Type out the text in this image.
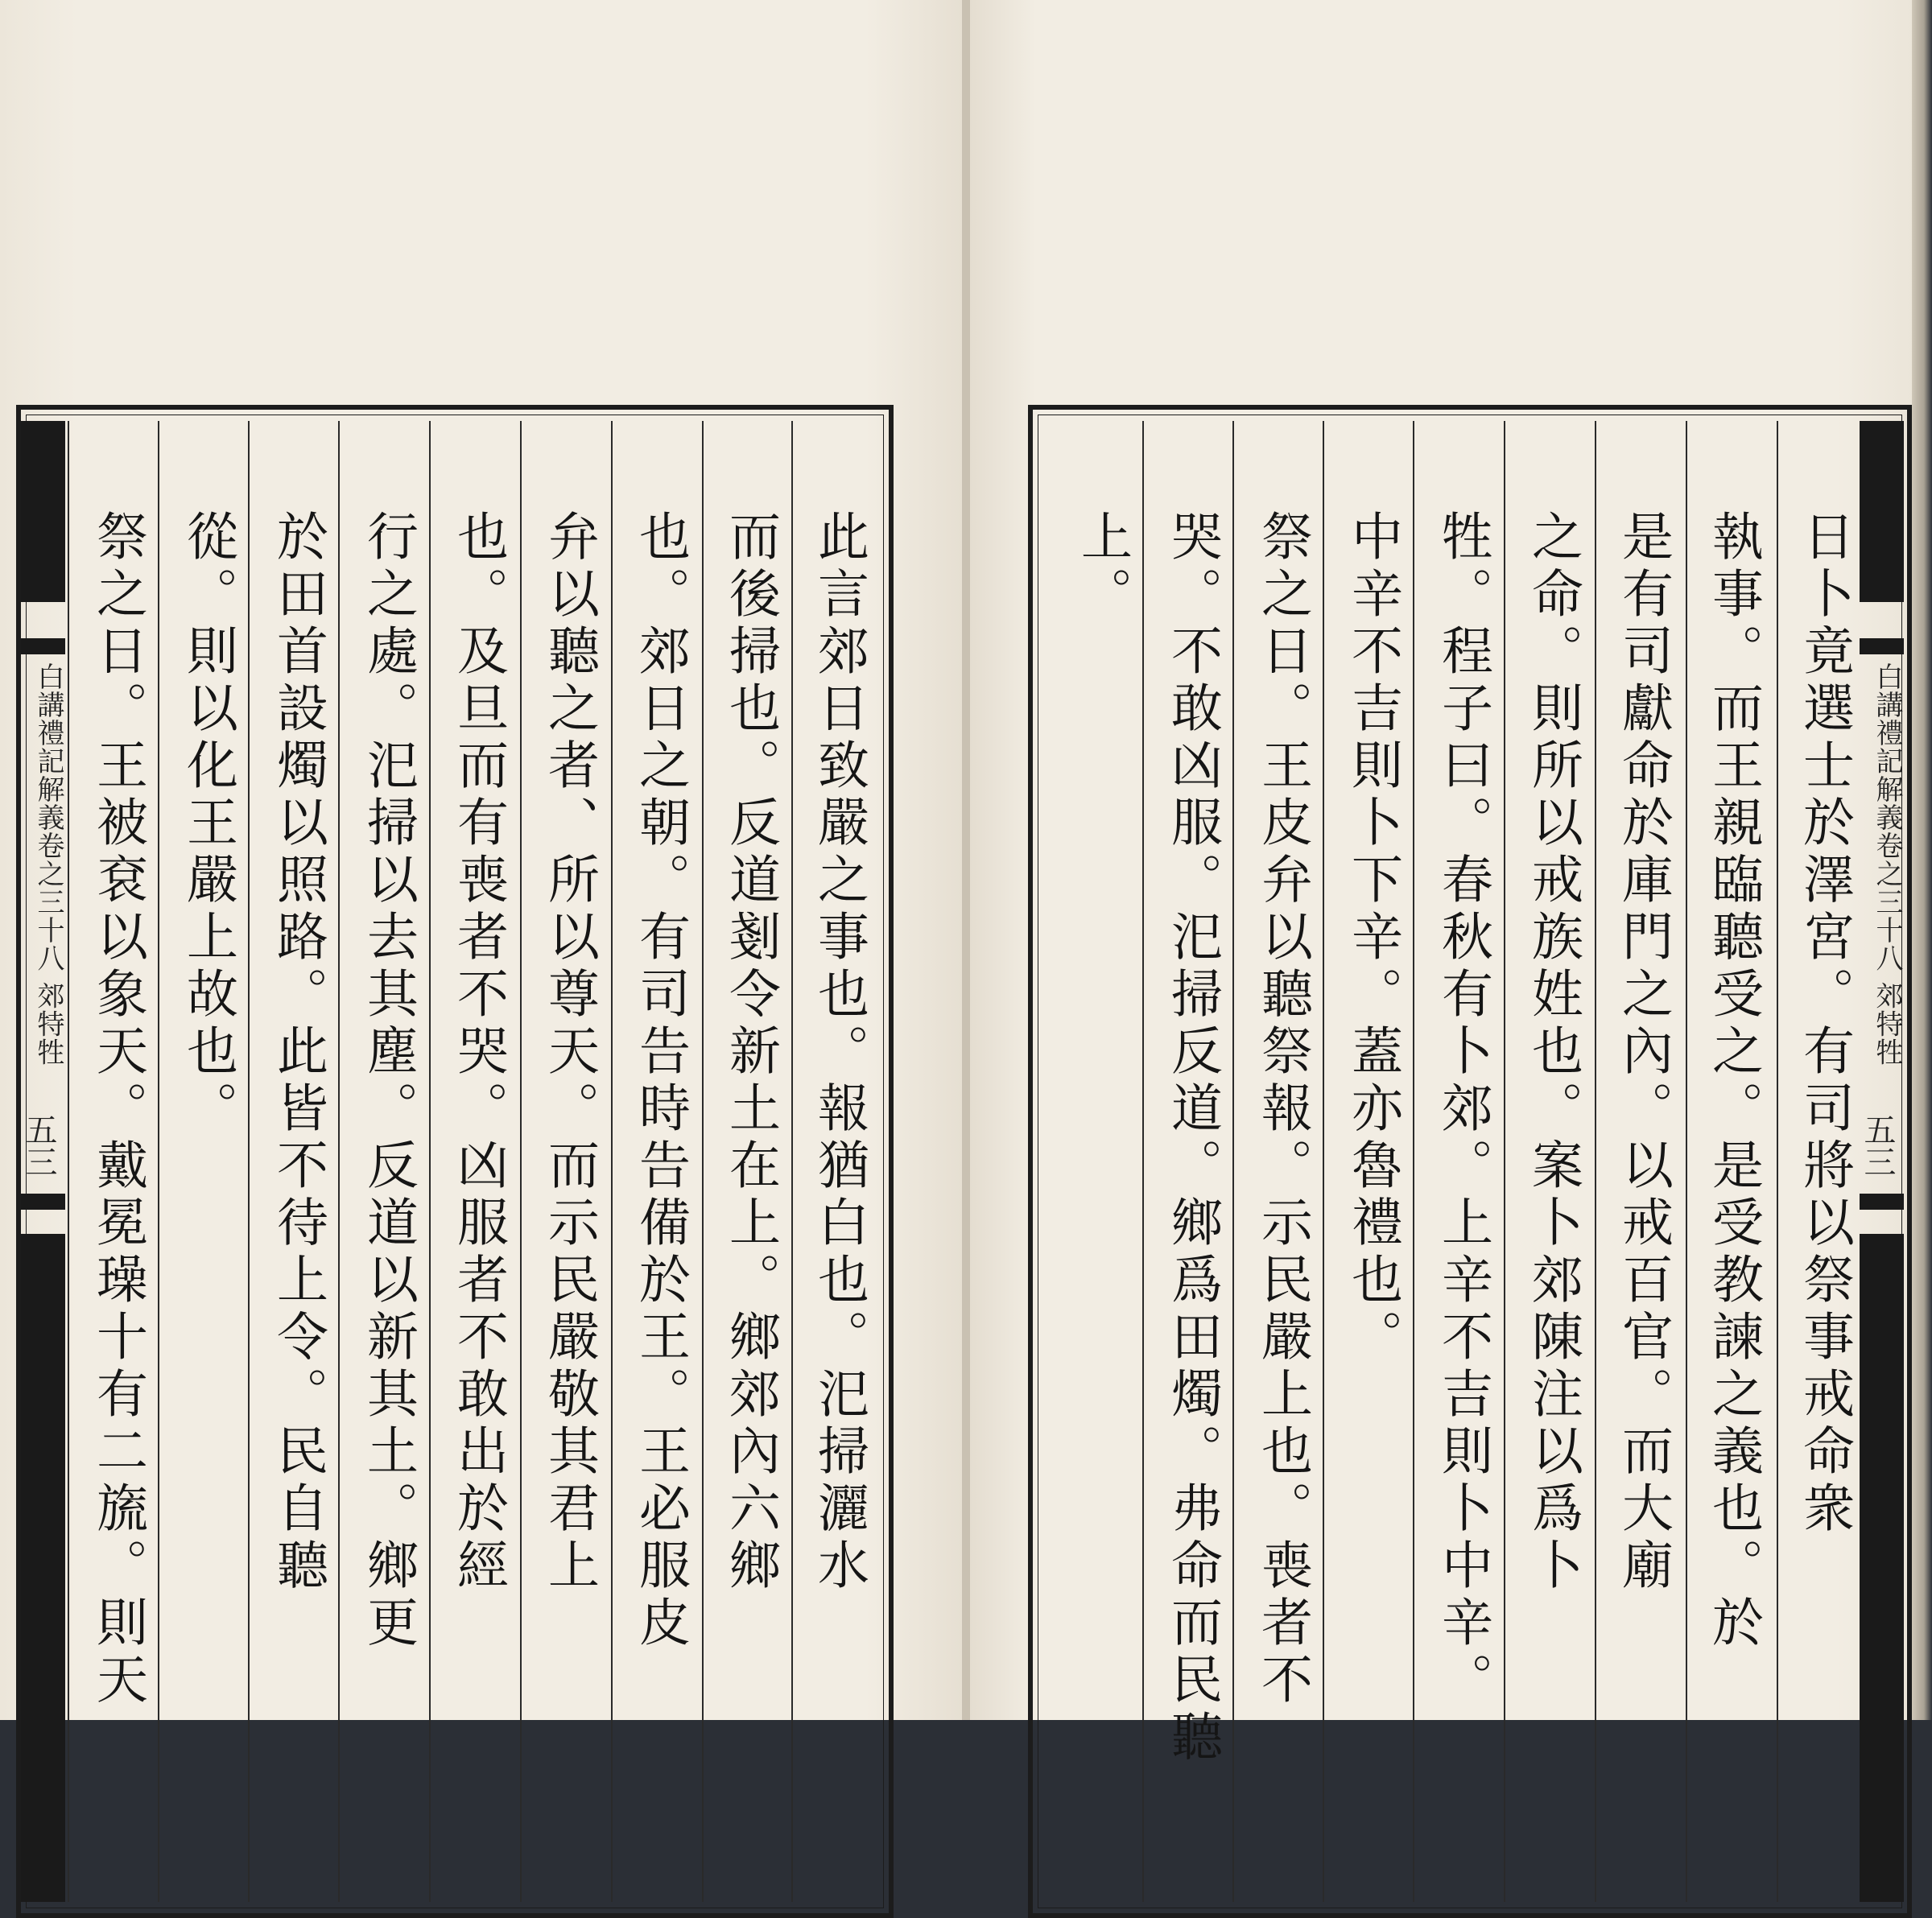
此言郊日致嚴之事也。報猶白也。汜掃灑水
而後掃也。反道剗令新土在上。鄉郊內六鄉
也。郊日之朝。有司告時告備於王。王必服皮
弁以聽之者、所以尊天。而示民嚴敬其君上
也。及旦而有喪者不哭。凶服者不敢出於經
行之處。汜掃以去其塵。反道以新其土。鄉更
於田首設燭以照路。此皆不待上令。民自聽
從。則以化王嚴上故也。
祭之日。王被袞以象天。戴冕璪十有二旒。則天
白講禮記解義卷之三十八 郊特牲
五三	日卜竟選士於澤宮。有司將以祭事戒命衆
執事。而王親臨聽受之。是受教諫之義也。於
是有司獻命於庫門之內。以戒百官。而大廟
之命。則所以戒族姓也。案卜郊陳注以爲卜
牲。程子曰。春秋有卜郊。上辛不吉則卜中辛。
中辛不吉則卜下辛。蓋亦魯禮也。
祭之日。王皮弁以聽祭報。示民嚴上也。喪者不
哭。不敢凶服。汜掃反道。鄉爲田燭。弗命而民聽
上。
白講禮記解義卷之三十八 郊特牲
五三
